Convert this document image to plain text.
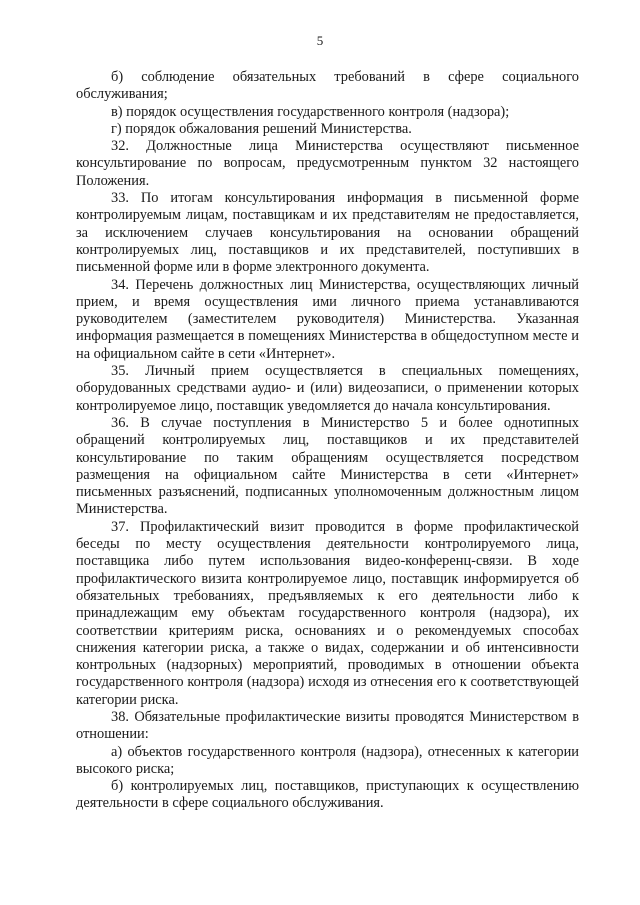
5

б) соблюдение обязательных требований в сфере социального обслуживания;

в) порядок осуществления государственного контроля (надзора);

г) порядок обжалования решений Министерства.

32. Должностные лица Министерства осуществляют письменное консультирование по вопросам, предусмотренным пунктом 32 настоящего Положения.

33. По итогам консультирования информация в письменной форме контролируемым лицам, поставщикам и их представителям не предоставляется, за исключением случаев консультирования на основании обращений контролируемых лиц, поставщиков и их представителей, поступивших в письменной форме или в форме электронного документа.

34. Перечень должностных лиц Министерства, осуществляющих личный прием, и время осуществления ими личного приема устанавливаются руководителем (заместителем руководителя) Министерства. Указанная информация размещается в помещениях Министерства в общедоступном месте и на официальном сайте в сети «Интернет».

35. Личный прием осуществляется в специальных помещениях, оборудованных средствами аудио- и (или) видеозаписи, о применении которых контролируемое лицо, поставщик уведомляется до начала консультирования.

36. В случае поступления в Министерство 5 и более однотипных обращений контролируемых лиц, поставщиков и их представителей консультирование по таким обращениям осуществляется посредством размещения на официальном сайте Министерства в сети «Интернет» письменных разъяснений, подписанных уполномоченным должностным лицом Министерства.

37. Профилактический визит проводится в форме профилактической беседы по месту осуществления деятельности контролируемого лица, поставщика либо путем использования видео-конференц-связи. В ходе профилактического визита контролируемое лицо, поставщик информируется об обязательных требованиях, предъявляемых к его деятельности либо к принадлежащим ему объектам государственного контроля (надзора), их соответствии критериям риска, основаниях и о рекомендуемых способах снижения категории риска, а также о видах, содержании и об интенсивности контрольных (надзорных) мероприятий, проводимых в отношении объекта государственного контроля (надзора) исходя из отнесения его к соответствующей категории риска.

38. Обязательные профилактические визиты проводятся Министерством в отношении:

а) объектов государственного контроля (надзора), отнесенных к категории высокого риска;

б) контролируемых лиц, поставщиков, приступающих к осуществлению деятельности в сфере социального обслуживания.
